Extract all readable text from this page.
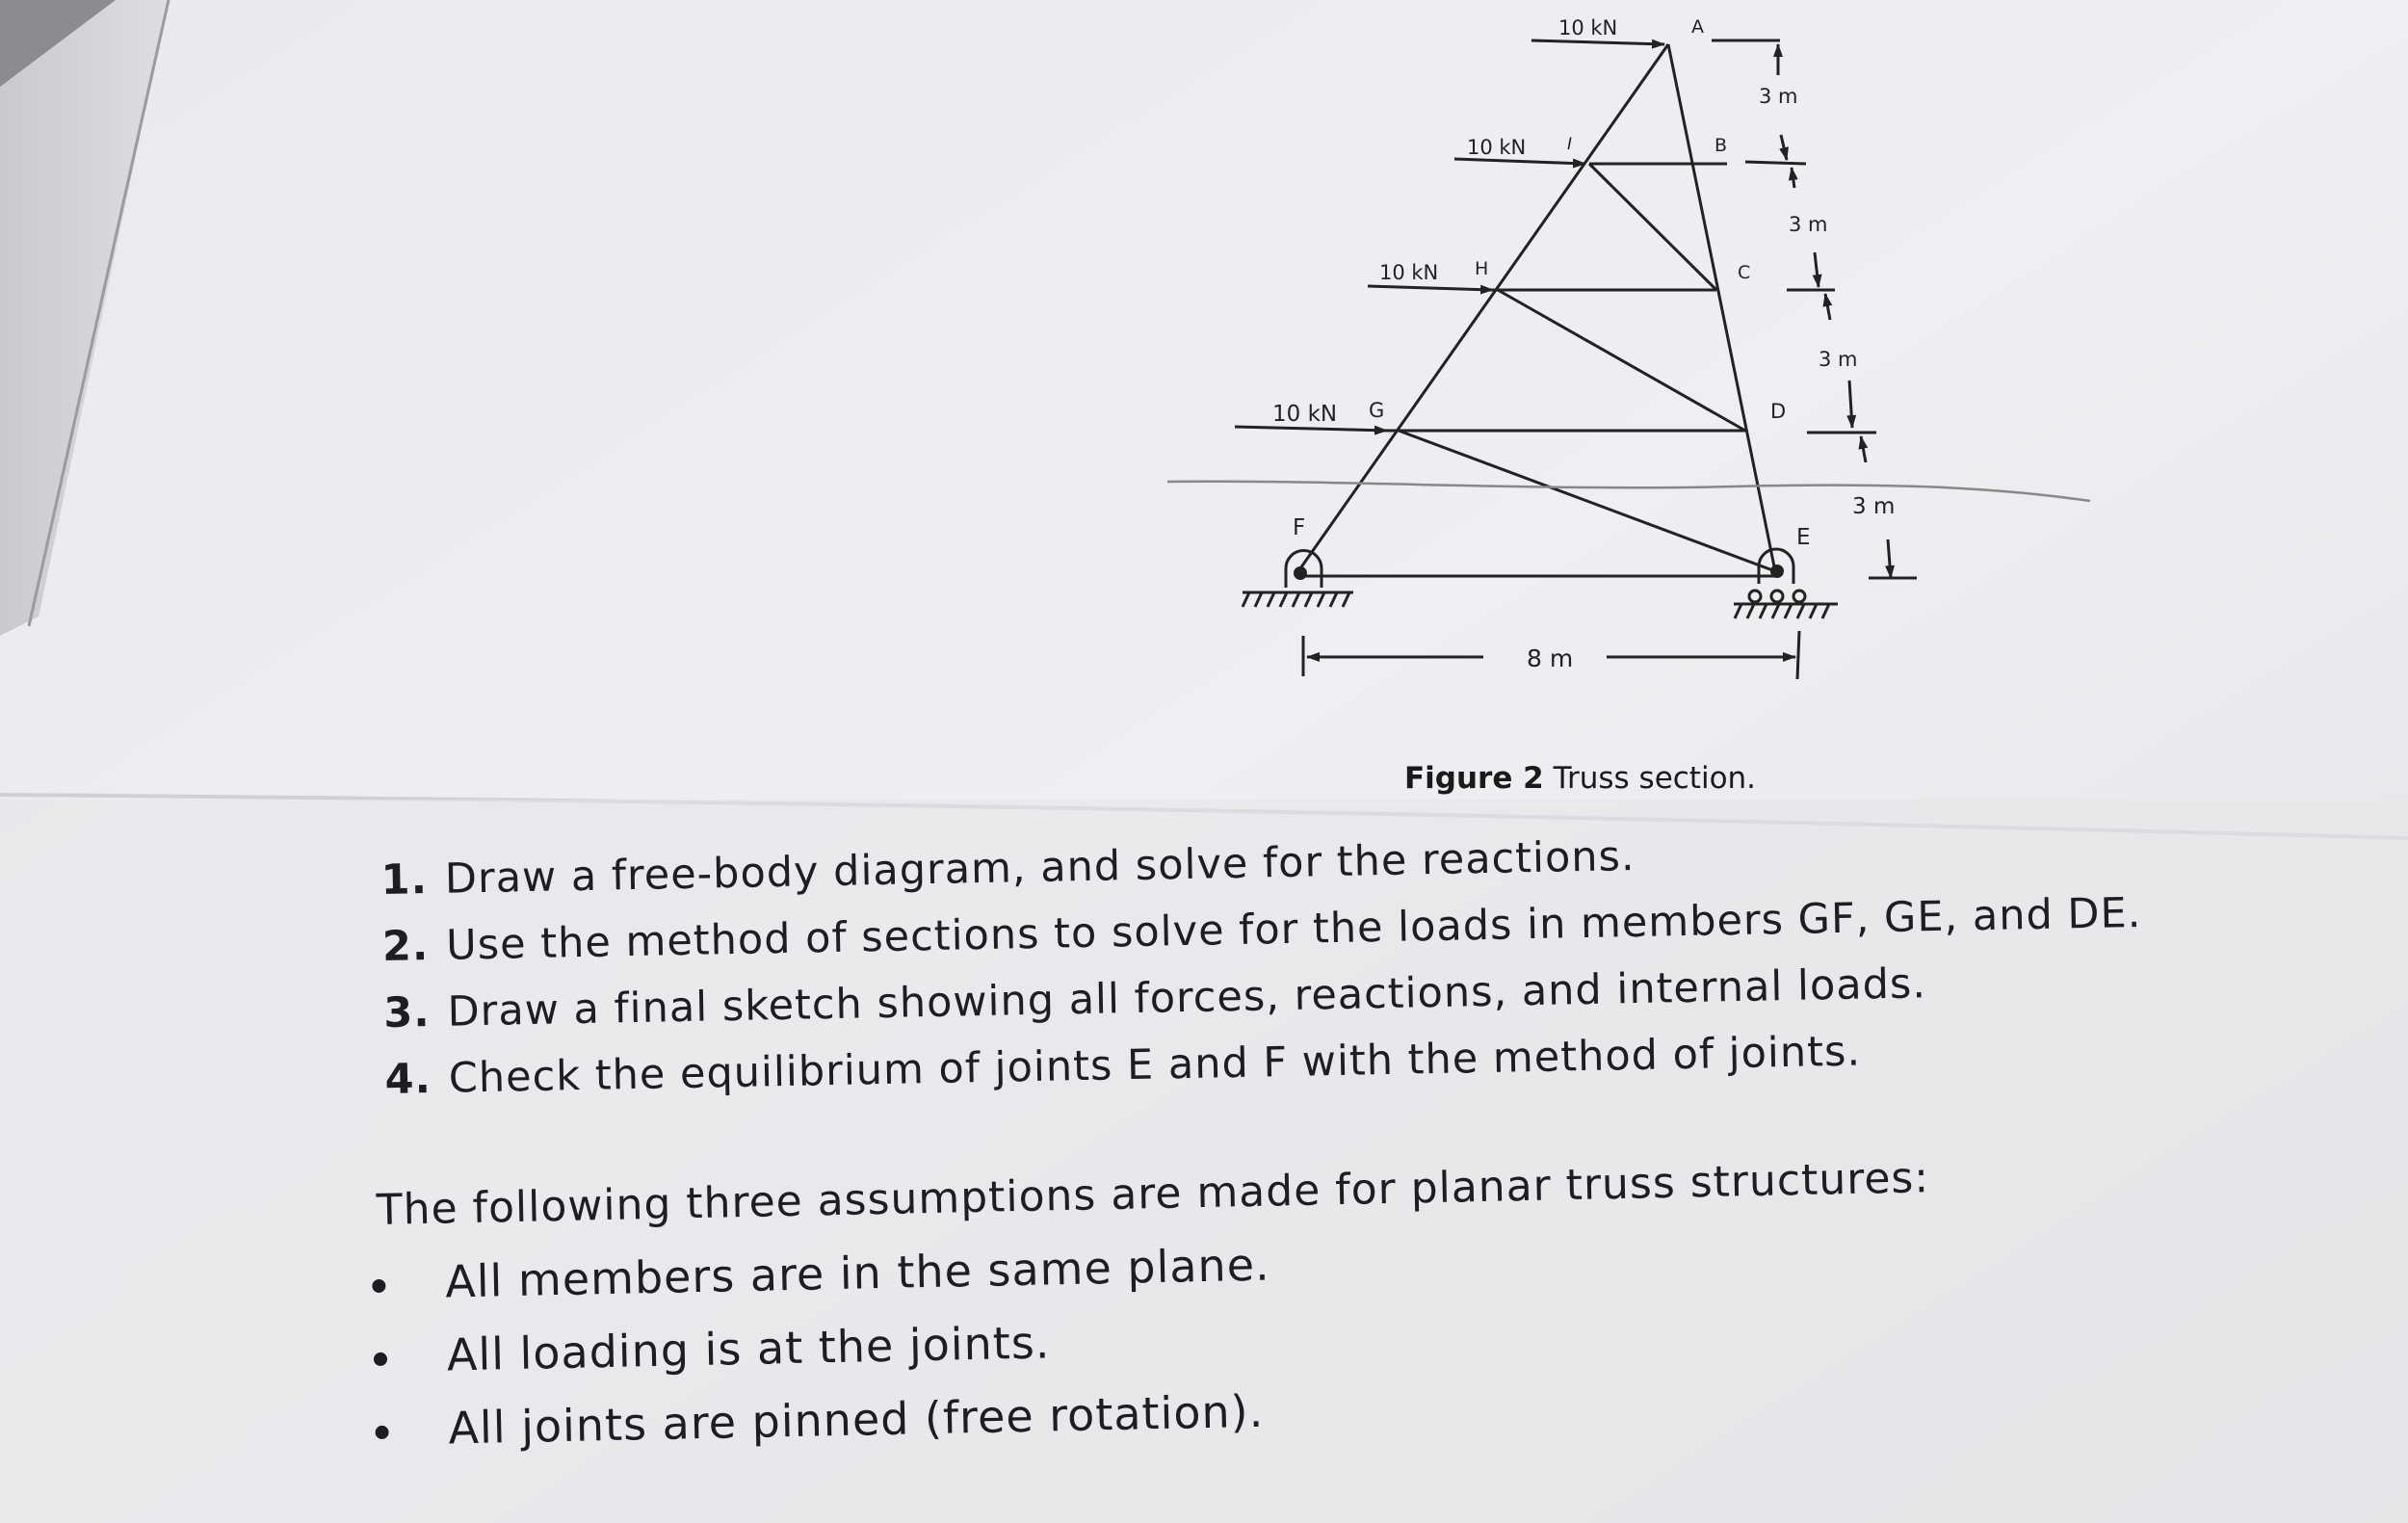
10 kN
10 kN
10 kN
10 kN
A
B
C
D
E
F
G
H
I
3 m
3 m
3 m
3 m
8 m
Figure 2 Truss section.
1. Draw a free-body diagram, and solve for the reactions.
2. Use the method of sections to solve for the loads in members GF, GE, and DE.
3. Draw a final sketch showing all forces, reactions, and internal loads.
4. Check the equilibrium of joints E and F with the method of joints.
The following three assumptions are made for planar truss structures:
All members are in the same plane.
All loading is at the joints.
All joints are pinned (free rotation).
